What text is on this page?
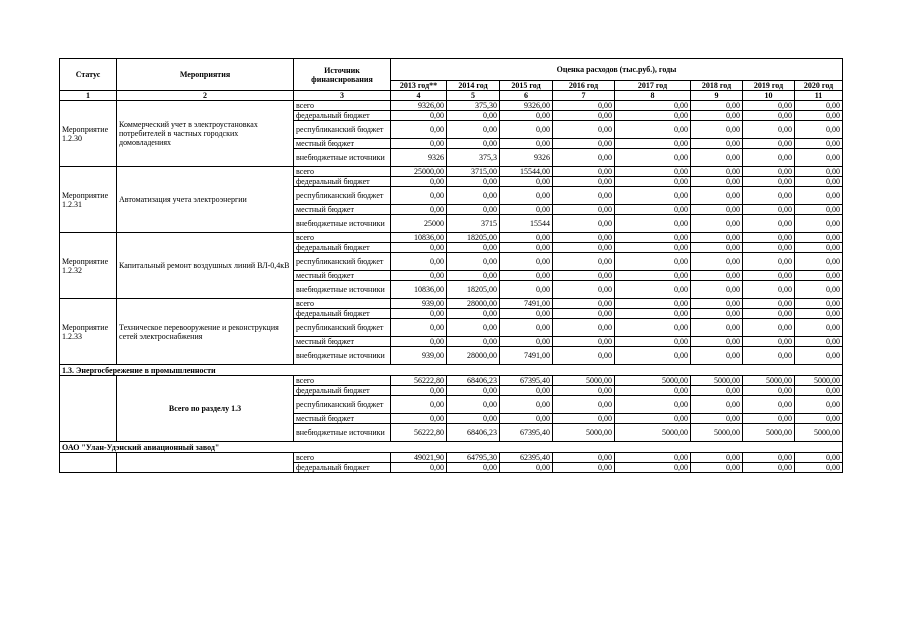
Статус	Мероприятия	Источник финансирования	Оценка расходов (тыс.руб.), годы							
			2013 год**	2014 год	2015 год	2016 год	2017 год	2018 год	2019 год	2020 год
1	2	3	4	5	6	7	8	9	10	11
Мероприятие 1.2.30	Коммерческий учет в электроустановках потребителей в частных городских домовладениях	всего	9326,00	375,30	9326,00	0,00	0,00	0,00	0,00	0,00
		федеральный бюджет	0,00	0,00	0,00	0,00	0,00	0,00	0,00	0,00
		республиканский бюджет	0,00	0,00	0,00	0,00	0,00	0,00	0,00	0,00
		местный бюджет	0,00	0,00	0,00	0,00	0,00	0,00	0,00	0,00
		внебюджетные источники	9326	375,3	9326	0,00	0,00	0,00	0,00	0,00
Мероприятие 1.2.31	Автоматизация учета электроэнергии	всего	25000,00	3715,00	15544,00	0,00	0,00	0,00	0,00	0,00
		федеральный бюджет	0,00	0,00	0,00	0,00	0,00	0,00	0,00	0,00
		республиканский бюджет	0,00	0,00	0,00	0,00	0,00	0,00	0,00	0,00
		местный бюджет	0,00	0,00	0,00	0,00	0,00	0,00	0,00	0,00
		внебюджетные источники	25000	3715	15544	0,00	0,00	0,00	0,00	0,00
Мероприятие 1.2.32	Капитальный ремонт воздушных линий ВЛ-0,4кВ	всего	10836,00	18205,00	0,00	0,00	0,00	0,00	0,00	0,00
		федеральный бюджет	0,00	0,00	0,00	0,00	0,00	0,00	0,00	0,00
		республиканский бюджет	0,00	0,00	0,00	0,00	0,00	0,00	0,00	0,00
		местный бюджет	0,00	0,00	0,00	0,00	0,00	0,00	0,00	0,00
		внебюджетные источники	10836,00	18205,00	0,00	0,00	0,00	0,00	0,00	0,00
Мероприятие 1.2.33	Техническое перевооружение и реконструкция сетей электроснабжения	всего	939,00	28000,00	7491,00	0,00	0,00	0,00	0,00	0,00
		федеральный бюджет	0,00	0,00	0,00	0,00	0,00	0,00	0,00	0,00
		республиканский бюджет	0,00	0,00	0,00	0,00	0,00	0,00	0,00	0,00
		местный бюджет	0,00	0,00	0,00	0,00	0,00	0,00	0,00	0,00
		внебюджетные источники	939,00	28000,00	7491,00	0,00	0,00	0,00	0,00	0,00
1.3. Энергосбережение в промышленности										
	Всего по разделу 1.3	всего	56222,80	68406,23	67395,40	5000,00	5000,00	5000,00	5000,00	5000,00
		федеральный бюджет	0,00	0,00	0,00	0,00	0,00	0,00	0,00	0,00
		республиканский бюджет	0,00	0,00	0,00	0,00	0,00	0,00	0,00	0,00
		местный бюджет	0,00	0,00	0,00	0,00	0,00	0,00	0,00	0,00
		внебюджетные источники	56222,80	68406,23	67395,40	5000,00	5000,00	5000,00	5000,00	5000,00
ОАО "Улан-Удэнский авиационный завод"										
		всего	49021,90	64795,30	62395,40	0,00	0,00	0,00	0,00	0,00
		федеральный бюджет	0,00	0,00	0,00	0,00	0,00	0,00	0,00	0,00
